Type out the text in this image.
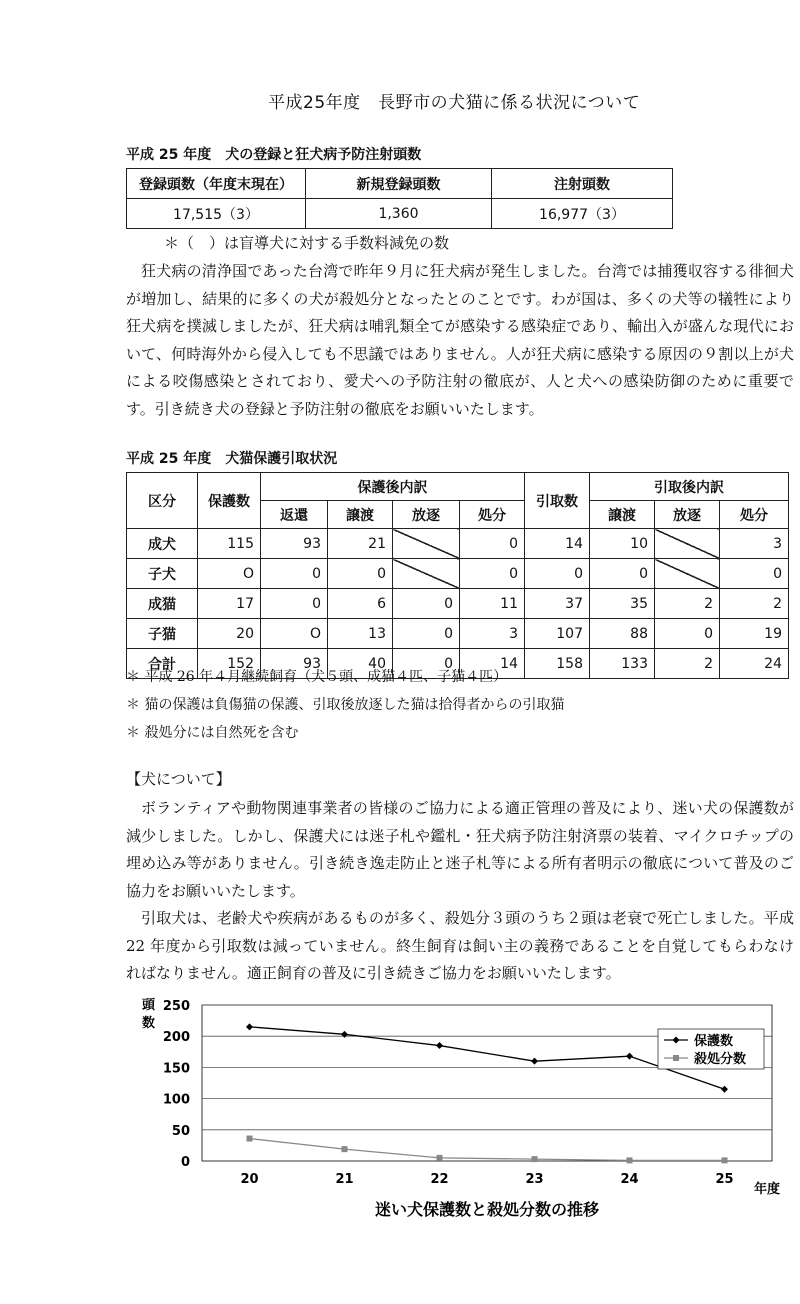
平成25年度　長野市の犬猫に係る状況について
平成 25 年度　犬の登録と狂犬病予防注射頭数
登録頭数（年度末現在）	新規登録頭数	注射頭数
17,515（3）	1,360	16,977（3）
＊（　）は盲導犬に対する手数料減免の数
狂犬病の清浄国であった台湾で昨年９月に狂犬病が発生しました。台湾では捕獲収容する徘徊犬が増加し、結果的に多くの犬が殺処分となったとのことです。わが国は、多くの犬等の犠牲により狂犬病を撲滅しましたが、狂犬病は哺乳類全てが感染する感染症であり、輸出入が盛んな現代において、何時海外から侵入しても不思議ではありません。人が狂犬病に感染する原因の９割以上が犬による咬傷感染とされており、愛犬への予防注射の徹底が、人と犬への感染防御のために重要です。引き続き犬の登録と予防注射の徹底をお願いいたします。
平成 25 年度　犬猫保護引取状況
区分	保護数	保護後内訳				引取数	引取後内訳		
		返還	譲渡	放逐	処分		譲渡	放逐	処分
成犬	115	93	21		0	14	10		3
子犬	O	0	0		0	0	0		0
成猫	17	0	6	0	11	37	35	2	2
子猫	20	O	13	0	3	107	88	0	19
合計	152	93	40	0	14	158	133	2	24
＊ 平成 26 年４月継続飼育（犬５頭、成猫４匹、子猫４匹）
＊ 猫の保護は負傷猫の保護、引取後放逐した猫は拾得者からの引取猫
＊ 殺処分には自然死を含む
【犬について】
ボランティアや動物関連事業者の皆様のご協力による適正管理の普及により、迷い犬の保護数が減少しました。しかし、保護犬には迷子札や鑑札・狂犬病予防注射済票の装着、マイクロチップの埋め込み等がありません。引き続き逸走防止と迷子札等による所有者明示の徹底について普及のご協力をお願いいたします。
引取犬は、老齢犬や疾病があるものが多く、殺処分３頭のうち２頭は老衰で死亡しました。平成 22 年度から引取数は減っていません。終生飼育は飼い主の義務であることを自覚してもらわなければなりません。適正飼育の普及に引き続きご協力をお願いいたします。
頭
数
0
50
100
150
200
250
20	21	22	23	24	25
保護数
殺処分数
年度
迷い犬保護数と殺処分数の推移
